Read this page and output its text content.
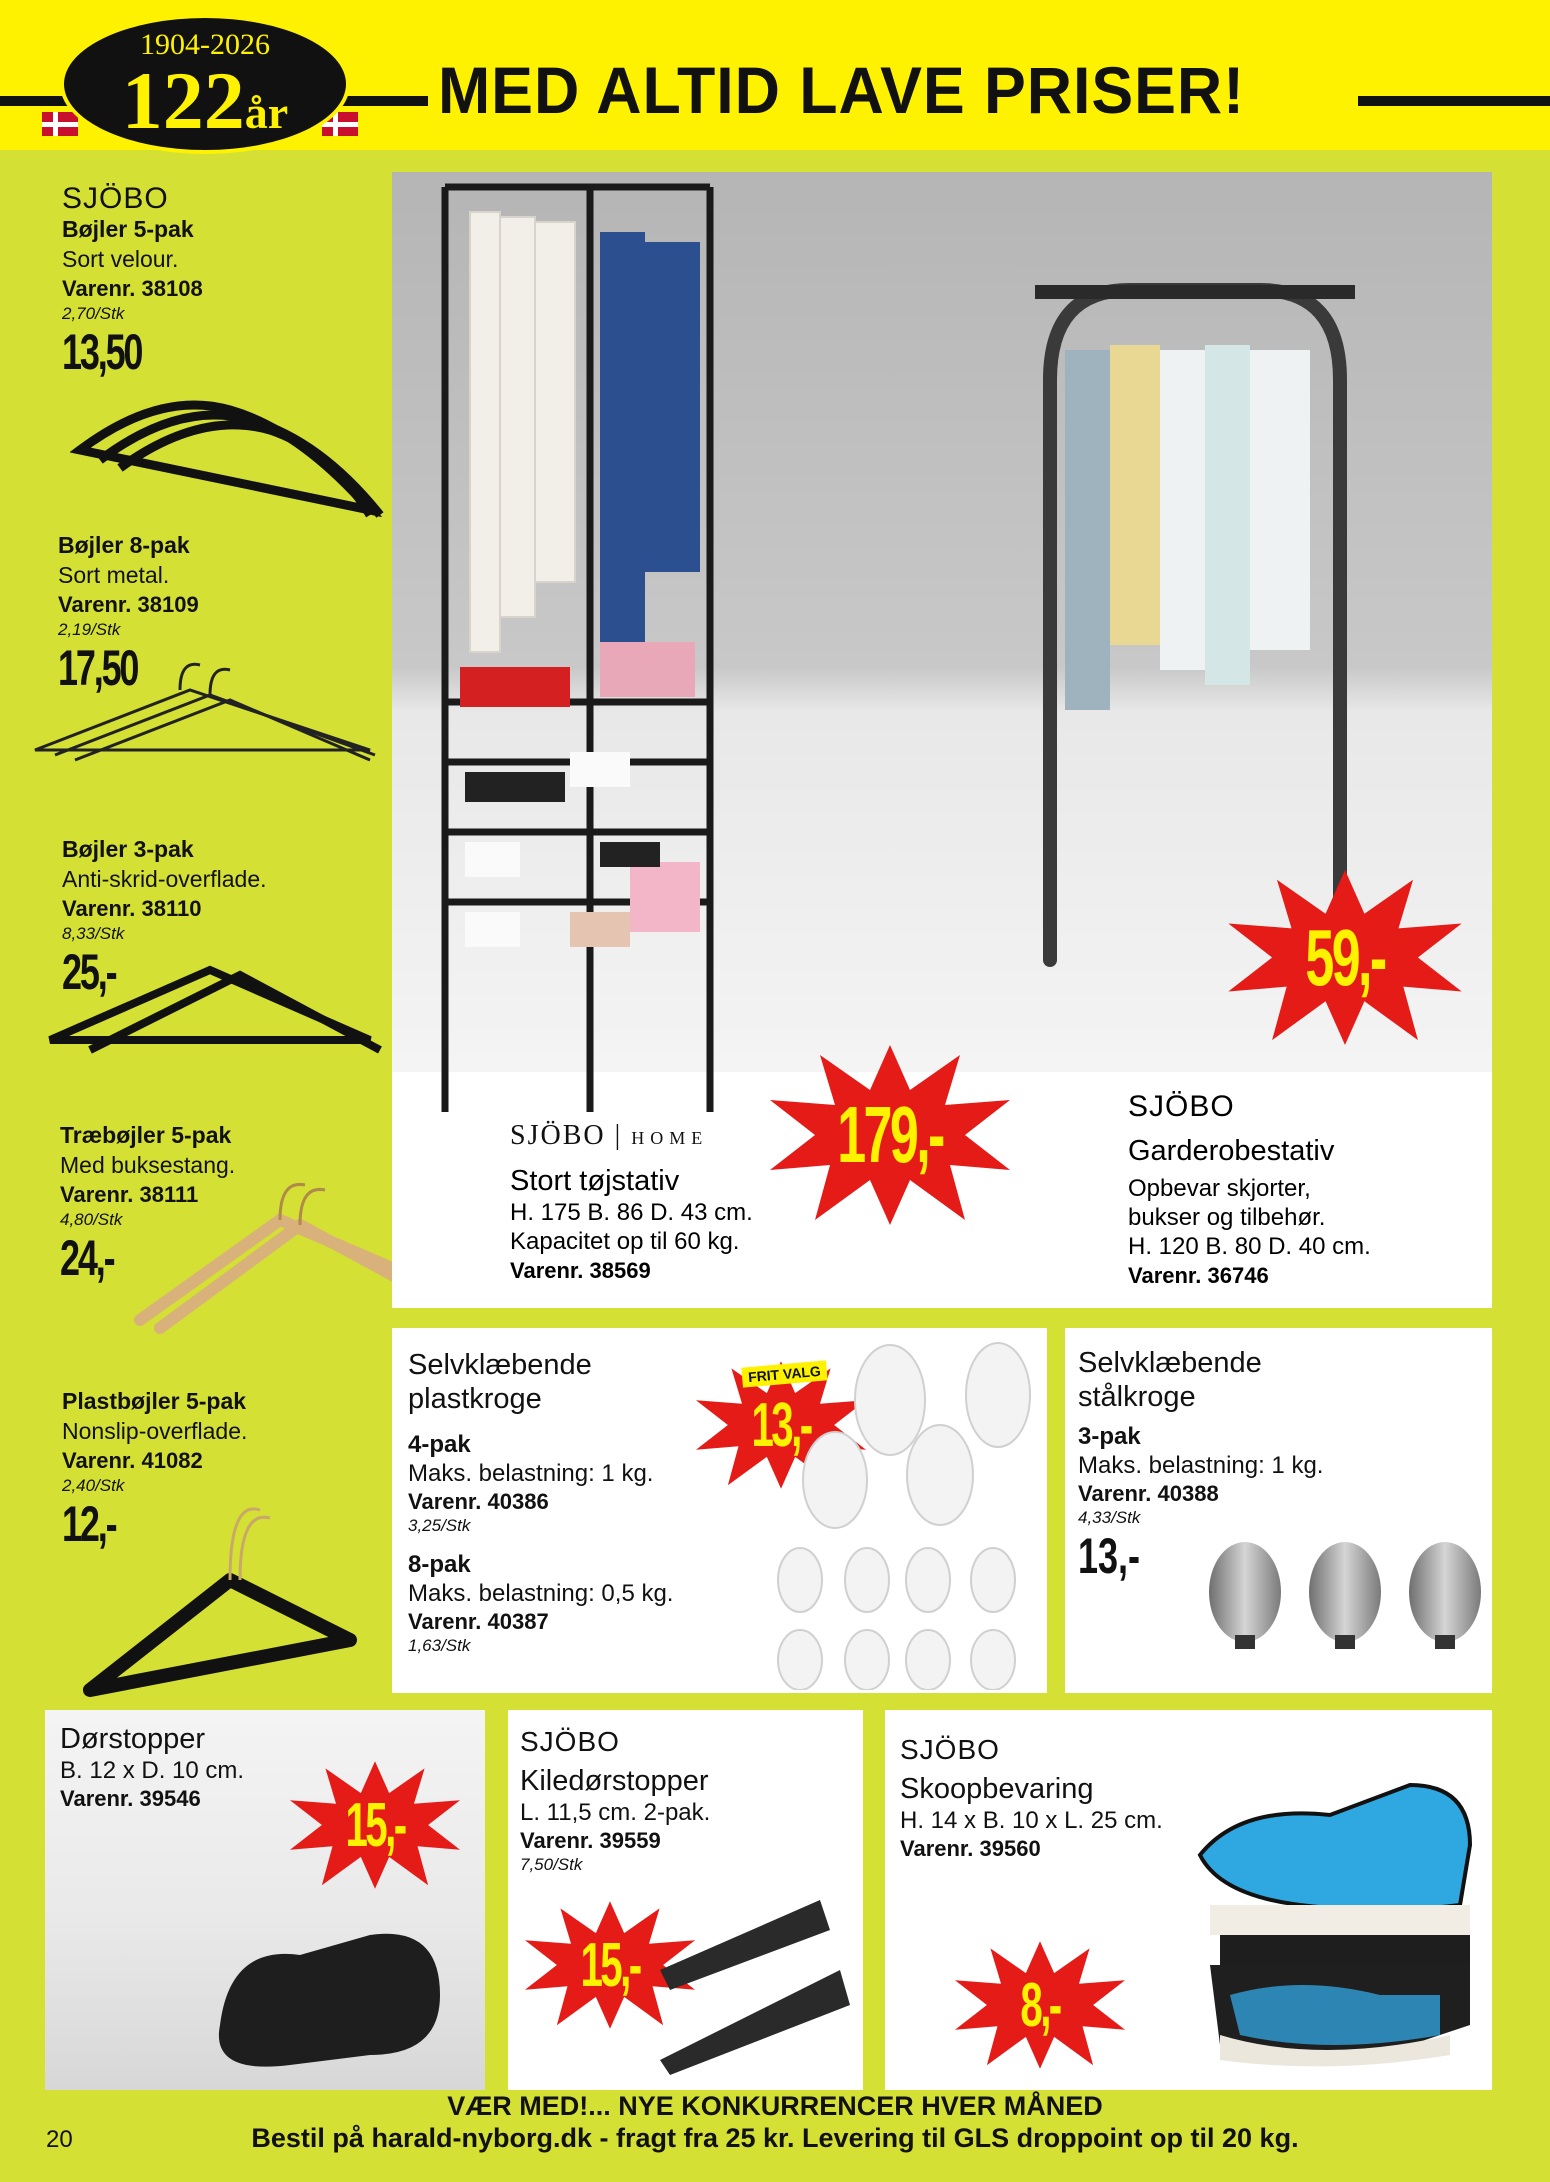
1904-2026
122år	MED ALTID LAVE PRISER!
SJÖBO
Bøjler 5-pak
Sort velour.
Varenr. 38108
2,70/Stk
13,50
Bøjler 8-pak
Sort metal.
Varenr. 38109
2,19/Stk
17,50
Bøjler 3-pak
Anti-skrid-overflade.
Varenr. 38110
8,33/Stk
25,-
Træbøjler 5-pak
Med buksestang.
Varenr. 38111
4,80/Stk
24,-
Plastbøjler 5-pak
Nonslip-overflade.
Varenr. 41082
2,40/Stk
12,-
SJÖBO | HOME
Stort tøjstativ
H. 175 B. 86 D. 43 cm.
Kapacitet op til 60 kg.
Varenr. 38569
SJÖBO
Garderobestativ
Opbevar skjorter,
bukser og tilbehør.
H. 120 B. 80 D. 40 cm.
Varenr. 36746
179,-
59,-
Selvklæbende
plastkroge
4-pak
Maks. belastning: 1 kg.
Varenr. 40386
3,25/Stk
8-pak
Maks. belastning: 0,5 kg.
Varenr. 40387
1,63/Stk
13,-
FRIT VALG	Selvklæbende
stålkroge
3-pak
Maks. belastning: 1 kg.
Varenr. 40388
4,33/Stk
13,-
Dørstopper
B. 12 x D. 10 cm.
Varenr. 39546	15,-
SJÖBO
Kiledørstopper
L. 11,5 cm. 2-pak.
Varenr. 39559
7,50/Stk
15,-
SJÖBO
Skoopbevaring
H. 14 x B. 10 x L. 25 cm.
Varenr. 39560
8,-
VÆR MED!... NYE KONKURRENCER HVER MÅNED
Bestil på harald-nyborg.dk - fragt fra 25 kr. Levering til GLS droppoint op til 20 kg.
20
